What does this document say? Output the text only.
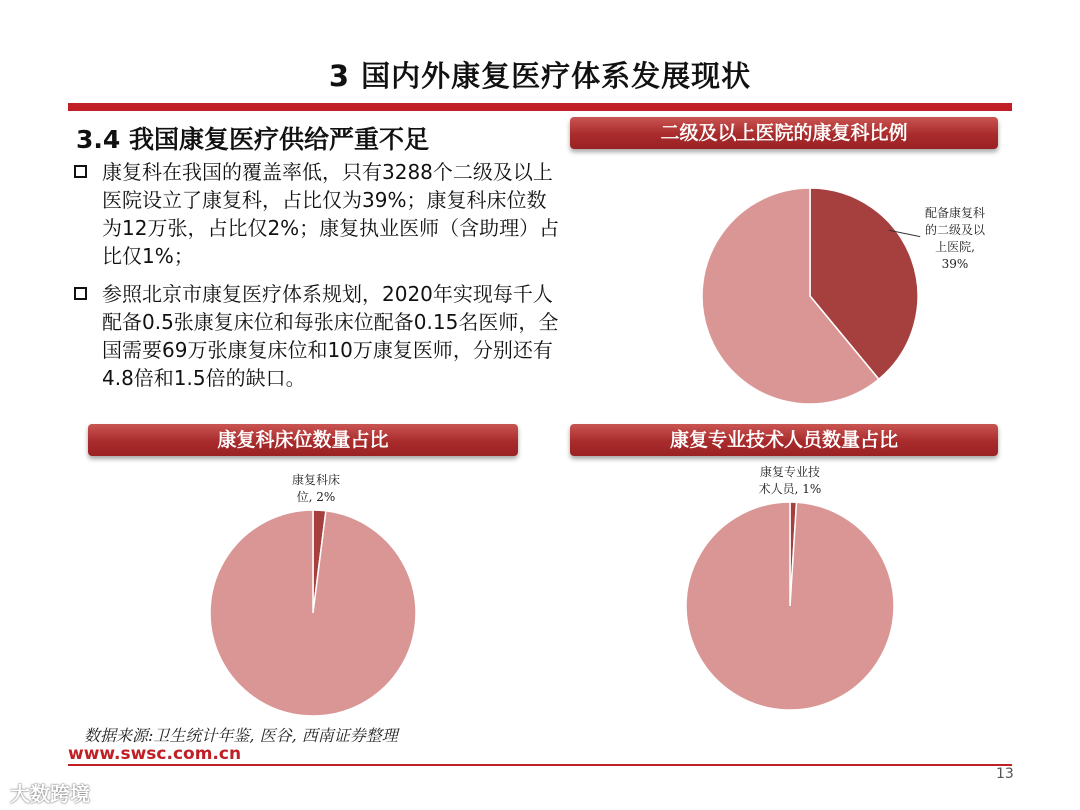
3 国内外康复医疗体系发展现状
3.4 我国康复医疗供给严重不足
康复科在我国的覆盖率低，只有3288个二级及以上医院设立了康复科，占比仅为39%；康复科床位数为12万张，占比仅2%；康复执业医师（含助理）占比仅1%；
参照北京市康复医疗体系规划，2020年实现每千人配备0.5张康复床位和每张床位配备0.15名医师，全国需要69万张康复床位和10万康复医师，分别还有4.8倍和1.5倍的缺口。
二级及以上医院的康复科比例
配备康复科
的二级及以
上医院,
39%
康复科床位数量占比
康复科床
位, 2%
康复专业技术人员数量占比
康复专业技
术人员, 1%
数据来源:卫生统计年鉴, 医谷, 西南证券整理
www.swsc.com.cn
13
大数跨境
